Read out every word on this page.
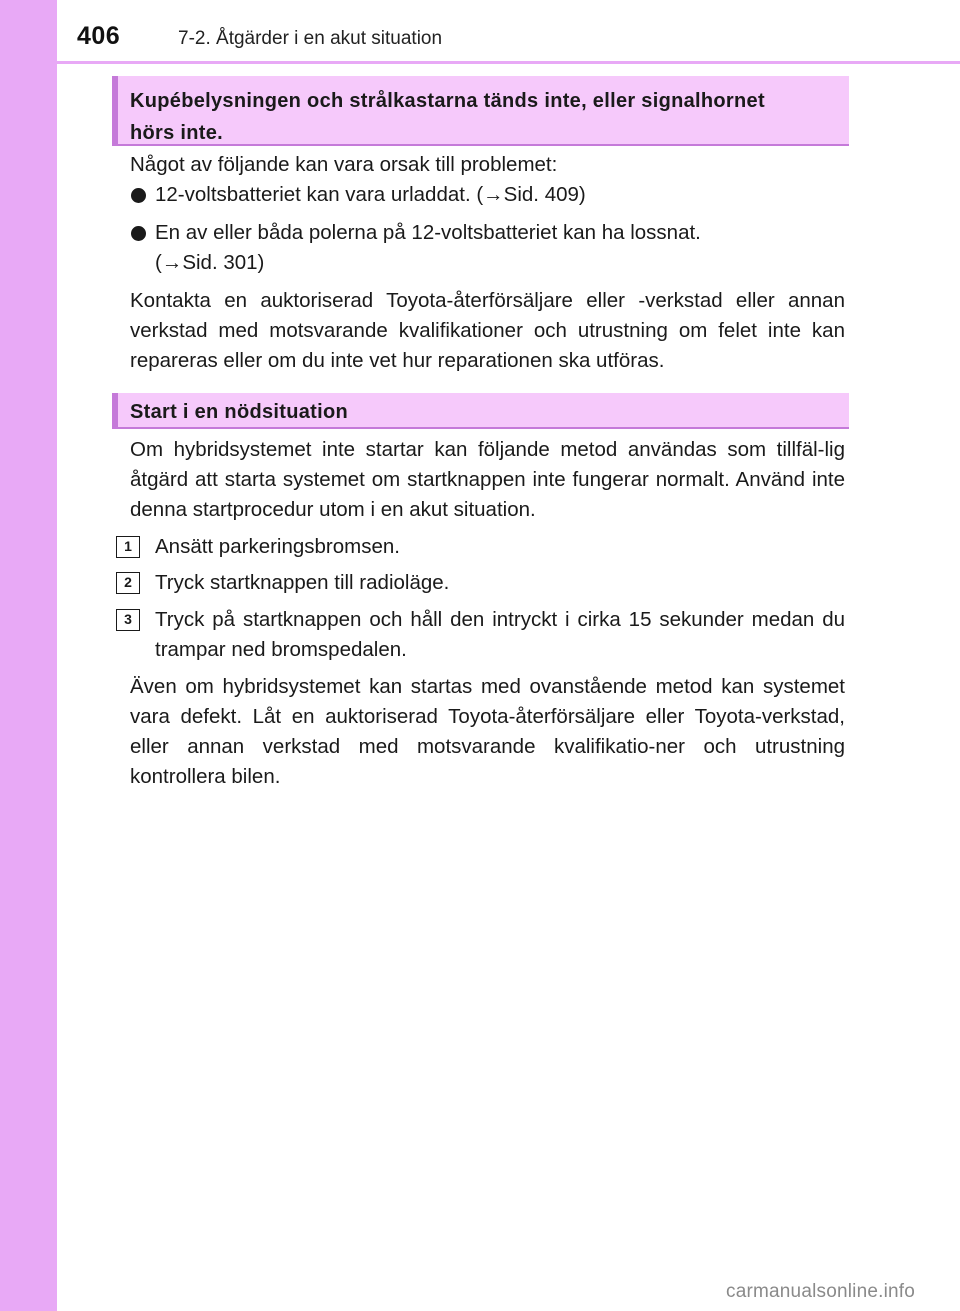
406	7-2. Åtgärder i en akut situation
Kupébelysningen och strålkastarna tänds inte, eller signalhornet
hörs inte.
Något av följande kan vara orsak till problemet:
12-voltsbatteriet kan vara urladdat. (→Sid. 409)
En av eller båda polerna på 12-voltsbatteriet kan ha lossnat.
(→Sid. 301)
Kontakta en auktoriserad Toyota-återförsäljare eller -verkstad eller annan verkstad med motsvarande kvalifikationer och utrustning om felet inte kan repareras eller om du inte vet hur reparationen ska utföras.
Start i en nödsituation
Om hybridsystemet inte startar kan följande metod användas som tillfäl-lig åtgärd att starta systemet om startknappen inte fungerar normalt. Använd inte denna startprocedur utom i en akut situation.
1	Ansätt parkeringsbromsen.
2	Tryck startknappen till radioläge.
3	Tryck på startknappen och håll den intryckt i cirka 15 sekunder medan du trampar ned bromspedalen.
Även om hybridsystemet kan startas med ovanstående metod kan systemet vara defekt. Låt en auktoriserad Toyota-återförsäljare eller Toyota-verkstad, eller annan verkstad med motsvarande kvalifikatio-ner och utrustning kontrollera bilen.
carmanualsonline.info
